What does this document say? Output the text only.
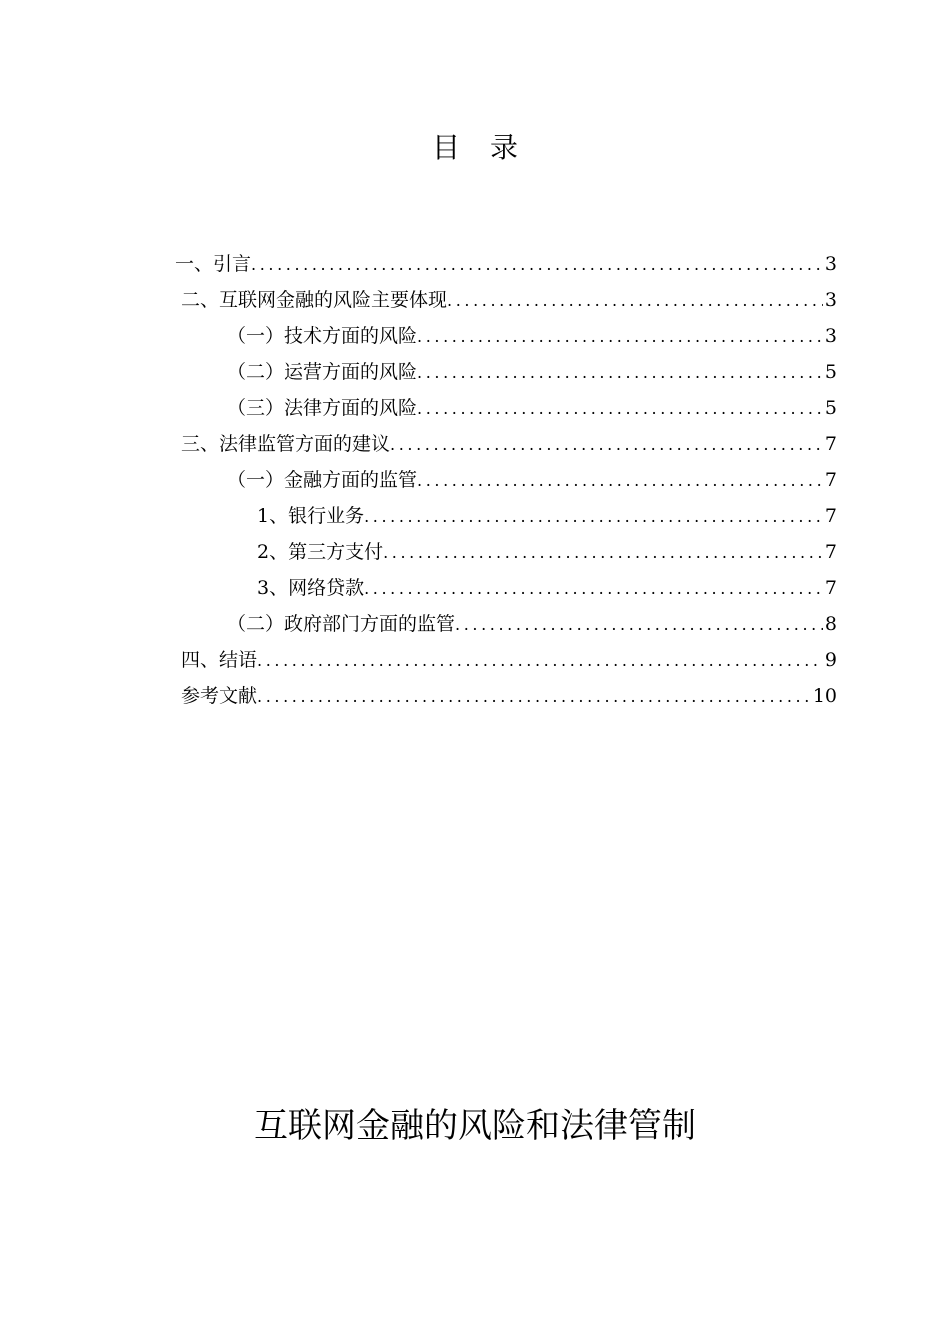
目 录
一、引言 .....	3
二、互联网金融的风险主要体现 .....	3
（一）技术方面的风险 .....	3
（二）运营方面的风险 .....	5
（三）法律方面的风险 .....	5
三、法律监管方面的建议 .....	7
（一）金融方面的监管 .....	7
1、银行业务 .....	7
2、第三方支付 .....	7
3、网络贷款 .....	7
（二）政府部门方面的监管 .....	8
四、结语 .....	9
参考文献 .....	10
互联网金融的风险和法律管制
